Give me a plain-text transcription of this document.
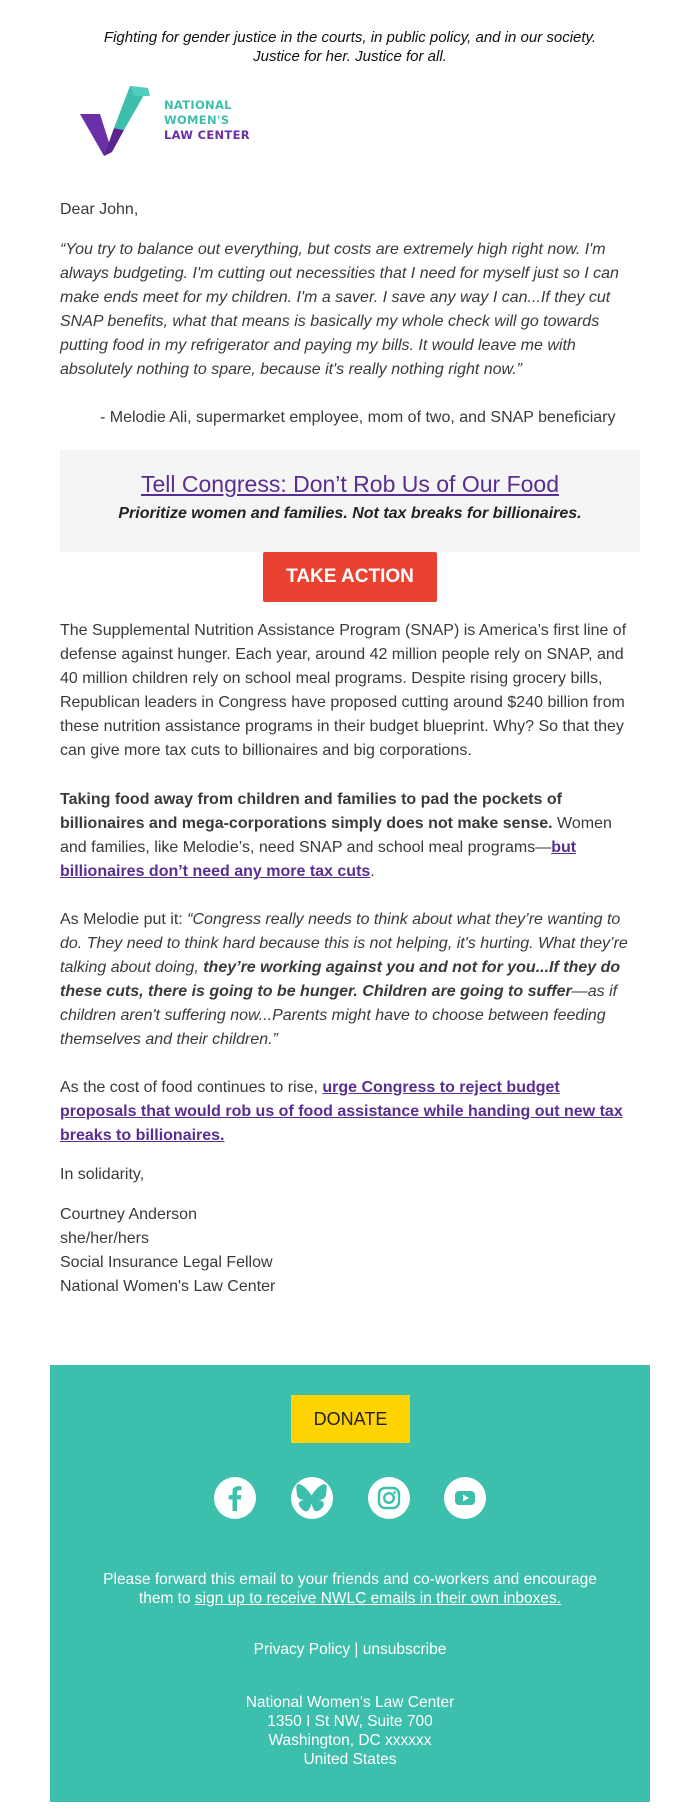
Fighting for gender justice in the courts, in public policy, and in our society.
Justice for her. Justice for all.
NATIONAL
WOMEN'S
LAW CENTER
Dear John,
“You try to balance out everything, but costs are extremely high right now. I'm always budgeting. I'm cutting out necessities that I need for myself just so I can make ends meet for my children. I'm a saver. I save any way I can...If they cut SNAP benefits, what that means is basically my whole check will go towards putting food in my refrigerator and paying my bills. It would leave me with absolutely nothing to spare, because it's really nothing right now.”
- Melodie Ali, supermarket employee, mom of two, and SNAP beneficiary
Tell Congress: Don’t Rob Us of Our Food
Prioritize women and families. Not tax breaks for billionaires.
TAKE ACTION
The Supplemental Nutrition Assistance Program (SNAP) is America’s first line of defense against hunger. Each year, around 42 million people rely on SNAP, and 40 million children rely on school meal programs. Despite rising grocery bills, Republican leaders in Congress have proposed cutting around $240 billion from these nutrition assistance programs in their budget blueprint. Why? So that they can give more tax cuts to billionaires and big corporations.
Taking food away from children and families to pad the pockets of billionaires and mega-corporations simply does not make sense. Women and families, like Melodie’s, need SNAP and school meal programs—but billionaires don’t need any more tax cuts.
As Melodie put it: “Congress really needs to think about what they’re wanting to do. They need to think hard because this is not helping, it's hurting. What they’re talking about doing, they’re working against you and not for you...If they do these cuts, there is going to be hunger. Children are going to suffer—as if children aren't suffering now...Parents might have to choose between feeding themselves and their children.”
As the cost of food continues to rise, urge Congress to reject budget proposals that would rob us of food assistance while handing out new tax breaks to billionaires.
In solidarity,
Courtney Anderson
she/her/hers
Social Insurance Legal Fellow
National Women's Law Center
DONATE
Please forward this email to your friends and co-workers and encourage them to sign up to receive NWLC emails in their own inboxes.
Privacy Policy | unsubscribe
National Women's Law Center
1350 I St NW, Suite 700
Washington, DC xxxxxx
United States
